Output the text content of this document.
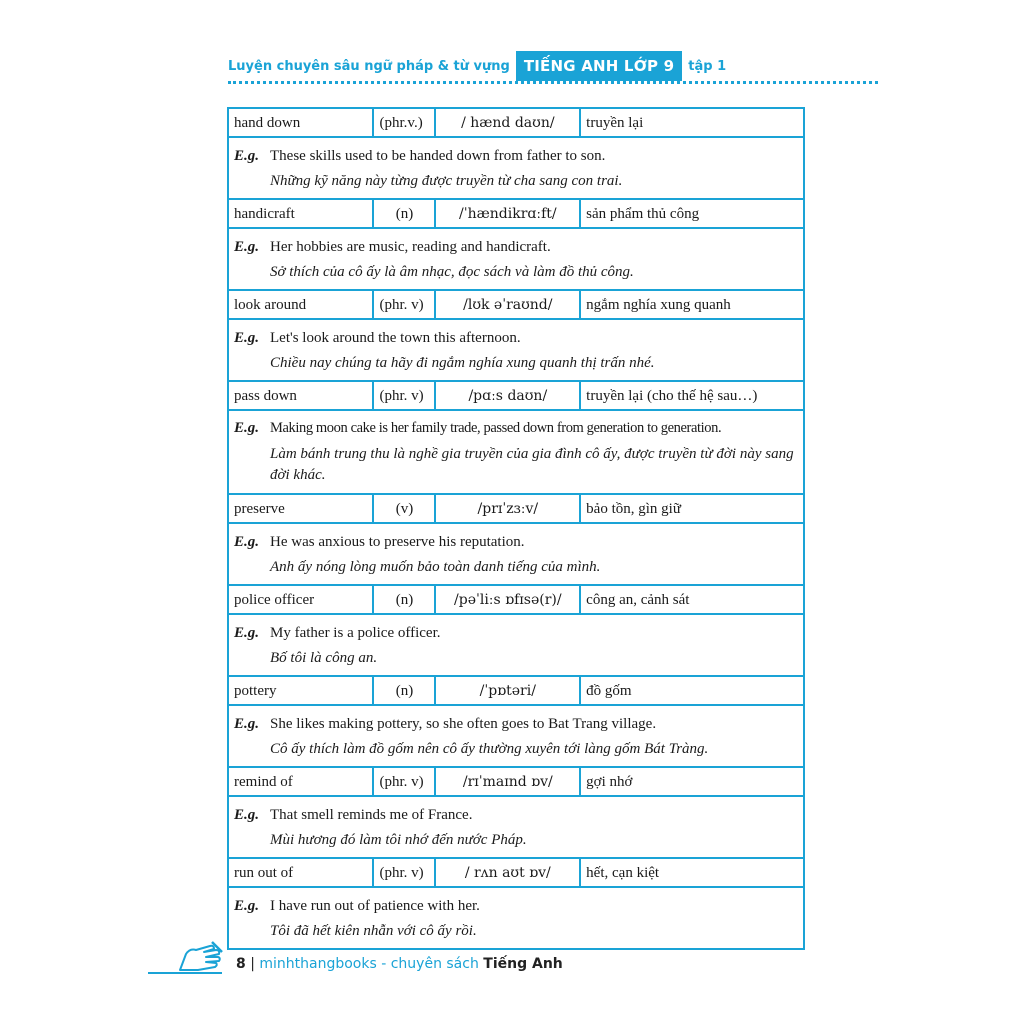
Luyện chuyên sâu ngữ pháp & từ vựng TIẾNG ANH LỚP 9	tập 1
hand down	(phr.v.)	/ hænd daʊn/	truyền lại

E.g. These skills used to be handed down from father to son.
Những kỹ năng này từng được truyền từ cha sang con trai.			

handicraft	(n)	/ˈhændikrɑːft/	sản phẩm thủ công

E.g. Her hobbies are music, reading and handicraft.
Sở thích của cô ấy là âm nhạc, đọc sách và làm đồ thủ công.			

look around	(phr. v)	/lʊk əˈraʊnd/	ngắm nghía xung quanh

E.g. Let's look around the town this afternoon.
Chiều nay chúng ta hãy đi ngắm nghía xung quanh thị trấn nhé.			

pass down	(phr. v)	/pɑːs daʊn/	truyền lại (cho thế hệ sau…)

E.g. Making moon cake is her family trade, passed down from generation to generation.
Làm bánh trung thu là nghề gia truyền của gia đình cô ấy, được truyền từ đời này sang đời khác.			

preserve	(v)	/prɪˈzɜːv/	bảo tồn, gìn giữ

E.g. He was anxious to preserve his reputation.
Anh ấy nóng lòng muốn bảo toàn danh tiếng của mình.			

police officer	(n)	/pəˈliːs ɒfɪsə(r)/	công an, cảnh sát

E.g. My father is a police officer.
Bố tôi là công an.			

pottery	(n)	/ˈpɒtəri/	đồ gốm

E.g. She likes making pottery, so she often goes to Bat Trang village.
Cô ấy thích làm đồ gốm nên cô ấy thường xuyên tới làng gốm Bát Tràng.			

remind of	(phr. v)	/rɪˈmaɪnd ɒv/	gợi nhớ

E.g. That smell reminds me of France.
Mùi hương đó làm tôi nhớ đến nước Pháp.			

run out of	(phr. v)	/ rʌn aʊt ɒv/	hết, cạn kiệt

E.g. I have run out of patience with her.
Tôi đã hết kiên nhẫn với cô ấy rồi.			
8 | minhthangbooks - chuyên sách Tiếng Anh
